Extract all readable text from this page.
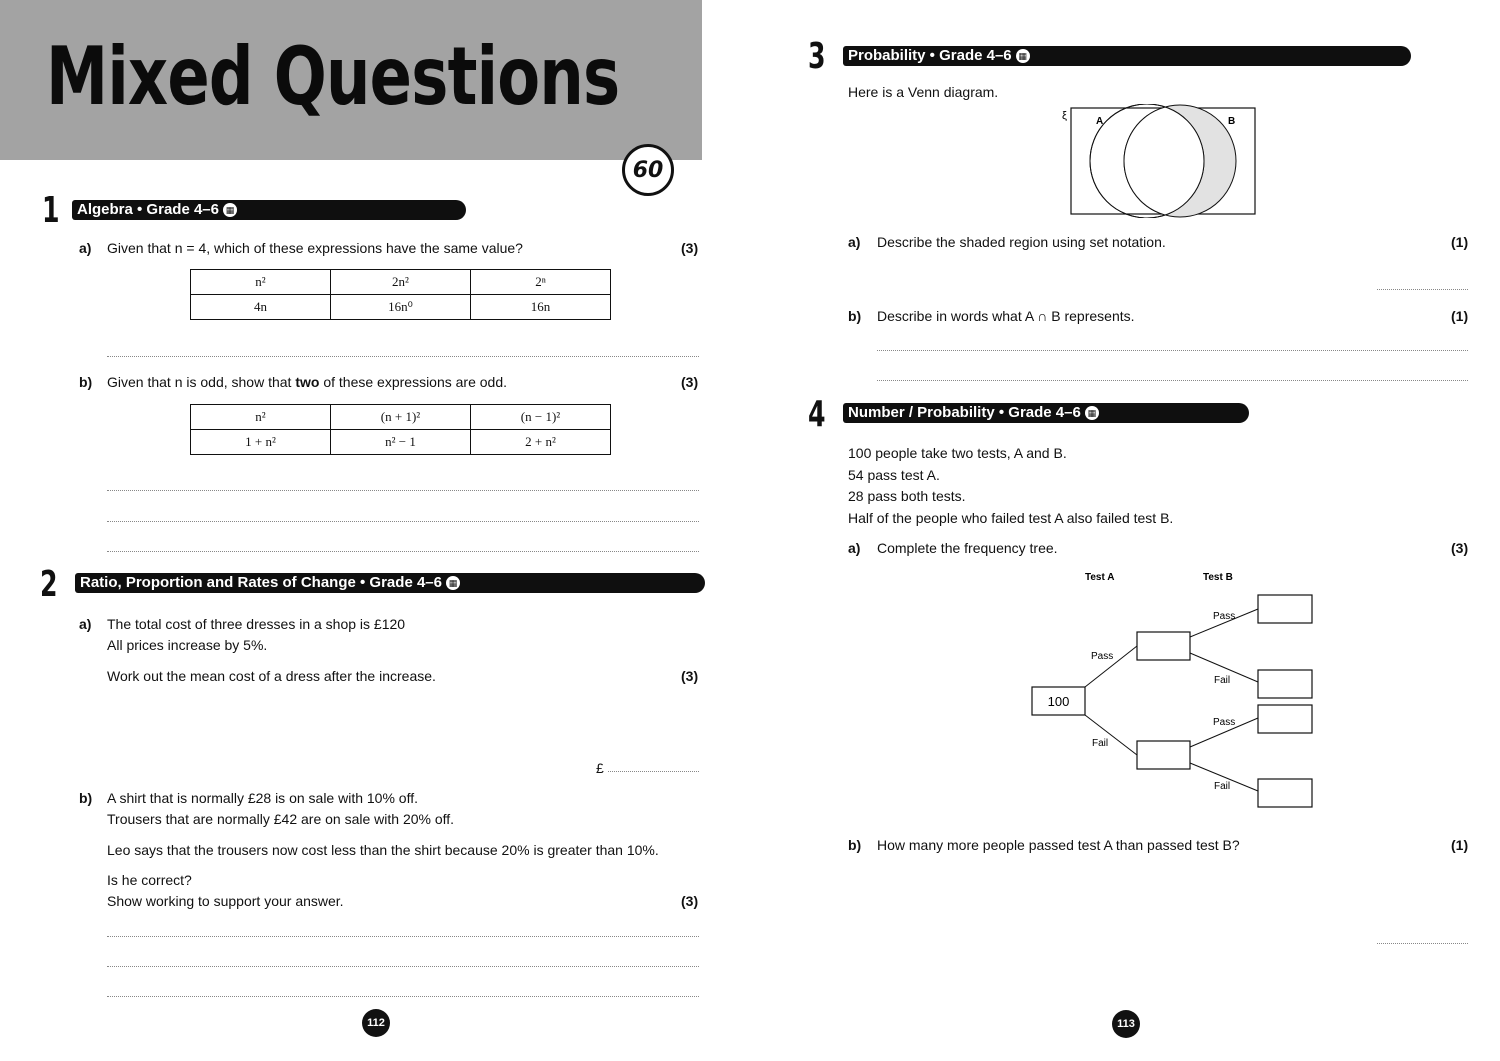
Mixed Questions
60
1	Algebra • Grade 4–6 ▦
a) Given that n = 4, which of these expressions have the same value?	(3)
n²	2n²	2ⁿ
4n	16n⁰	16n
b) Given that n is odd, show that two of these expressions are odd.	(3)
n²	(n + 1)²	(n − 1)²
1 + n²	n² − 1	2 + n²
2	Ratio, Proportion and Rates of Change • Grade 4–6 ▦
a) The total cost of three dresses in a shop is £120
All prices increase by 5%.
Work out the mean cost of a dress after the increase.	(3)
£
b) A shirt that is normally £28 is on sale with 10% off.
Trousers that are normally £42 are on sale with 20% off.
Leo says that the trousers now cost less than the shirt because 20% is greater than 10%.
Is he correct?
Show working to support your answer.	(3)
112
3	Probability • Grade 4–6 ▦
Here is a Venn diagram.
ξ	A	B
a) Describe the shaded region using set notation.	(1)
b) Describe in words what A ∩ B represents.	(1)
4	Number / Probability • Grade 4–6 ▦
100 people take two tests, A and B.
54 pass test A.
28 pass both tests.
Half of the people who failed test A also failed test B.
a) Complete the frequency tree.	(3)
Test A	Test B
100
Pass
Fail
Pass
Fail
Pass
Fail
b) How many more people passed test A than passed test B?	(1)
113
